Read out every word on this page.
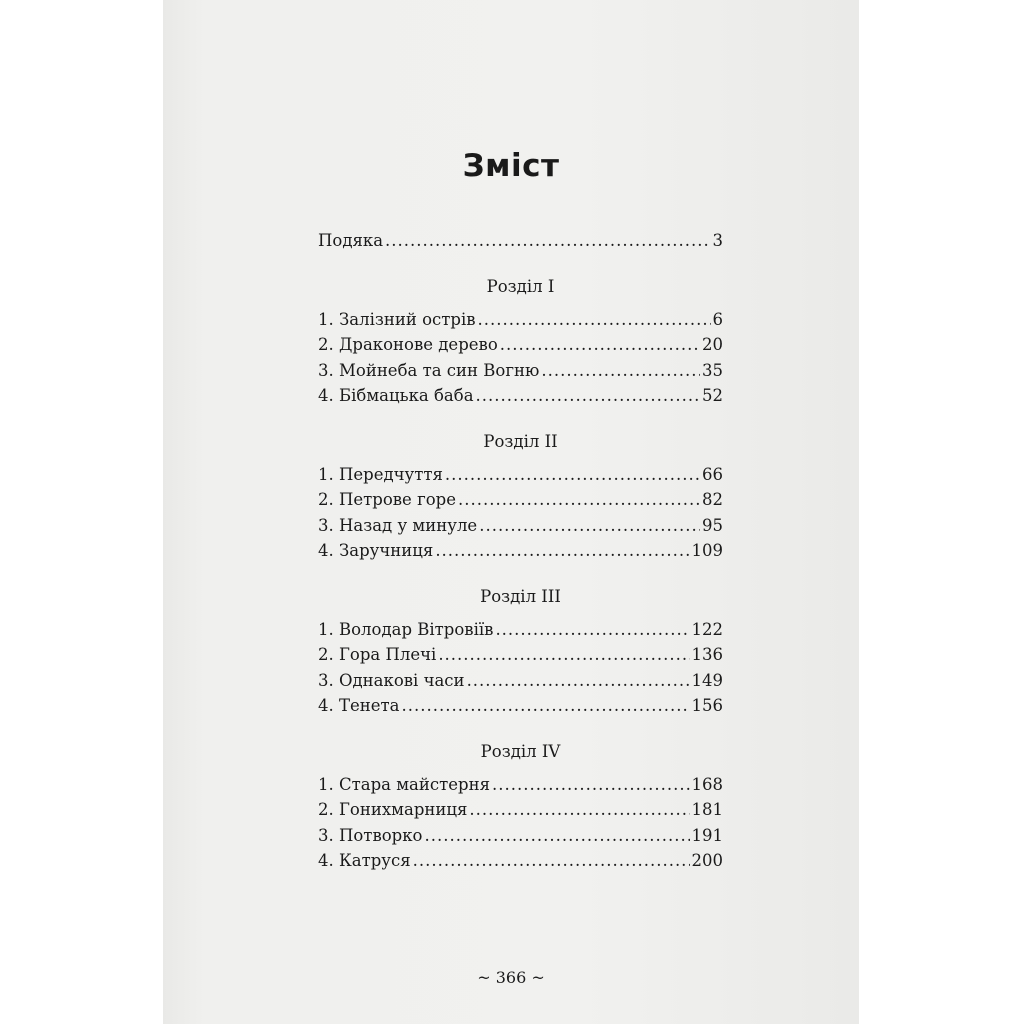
Зміст
Подяка .....	3
Розділ I
1. Залізний острів .....	6
2. Драконове дерево .....	20
3. Мойнеба та син Вогню .....	35
4. Бібмацька баба .....	52
Розділ II
1. Передчуття .....	66
2. Петрове горе .....	82
3. Назад у минуле .....	95
4. Заручниця .....	109
Розділ III
1. Володар Вітровіїв .....	122
2. Гора Плечі .....	136
3. Однакові часи .....	149
4. Тенета .....	156
Розділ IV
1. Стара майстерня .....	168
2. Гонихмарниця .....	181
3. Потворко .....	191
4. Катруся .....	200
~ 366 ~
